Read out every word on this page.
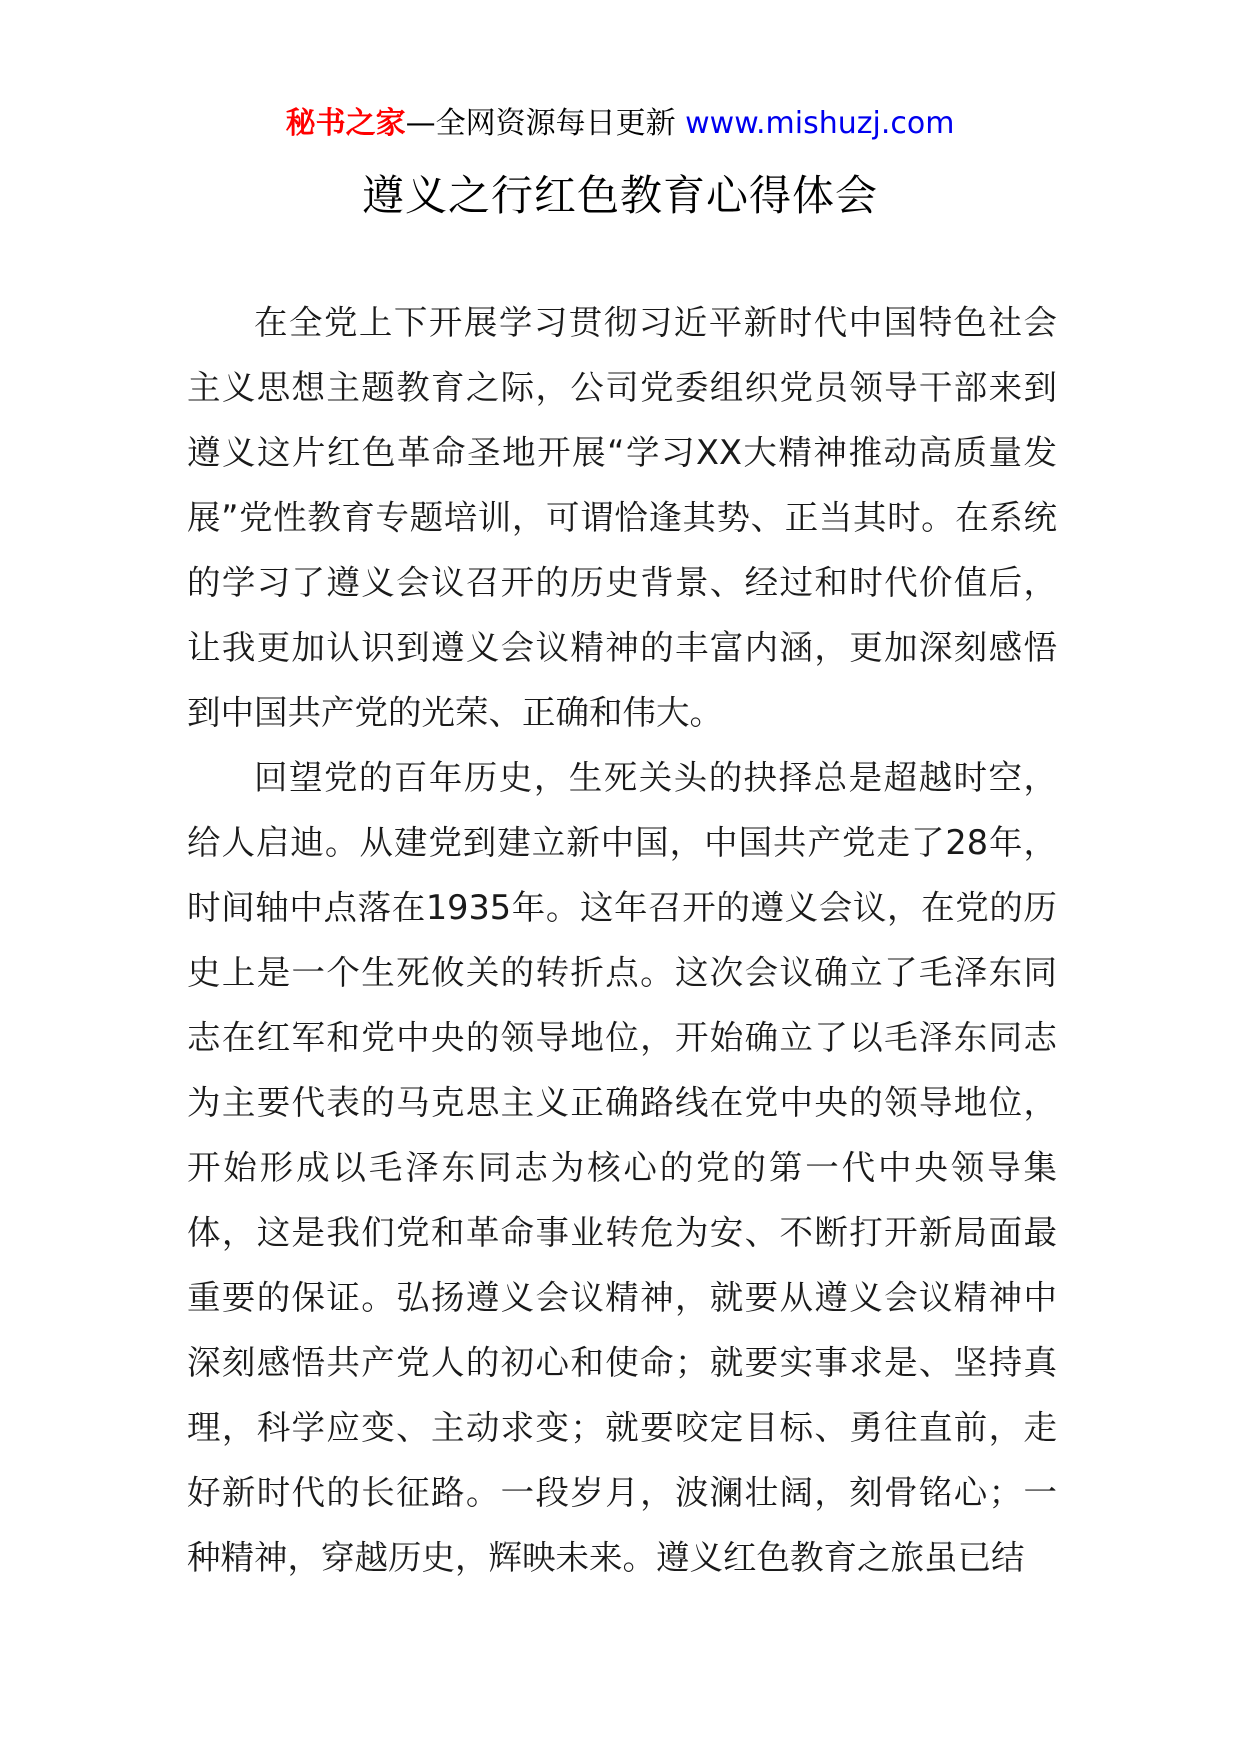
秘书之家—全网资源每日更新 www.mishuzj.com
遵义之行红色教育心得体会

在全党上下开展学习贯彻习近平新时代中国特色社会主义思想主题教育之际，公司党委组织党员领导干部来到遵义这片红色革命圣地开展“学习XX大精神推动高质量发展”党性教育专题培训，可谓恰逢其势、正当其时。在系统的学习了遵义会议召开的历史背景、经过和时代价值后，让我更加认识到遵义会议精神的丰富内涵，更加深刻感悟到中国共产党的光荣、正确和伟大。

回望党的百年历史，生死关头的抉择总是超越时空，给人启迪。从建党到建立新中国，中国共产党走了28年，时间轴中点落在1935年。这年召开的遵义会议，在党的历史上是一个生死攸关的转折点。这次会议确立了毛泽东同志在红军和党中央的领导地位，开始确立了以毛泽东同志为主要代表的马克思主义正确路线在党中央的领导地位，开始形成以毛泽东同志为核心的党的第一代中央领导集体，这是我们党和革命事业转危为安、不断打开新局面最重要的保证。弘扬遵义会议精神，就要从遵义会议精神中深刻感悟共产党人的初心和使命；就要实事求是、坚持真理，科学应变、主动求变；就要咬定目标、勇往直前，走好新时代的长征路。一段岁月，波澜壮阔，刻骨铭心；一种精神，穿越历史，辉映未来。遵义红色教育之旅虽已结
